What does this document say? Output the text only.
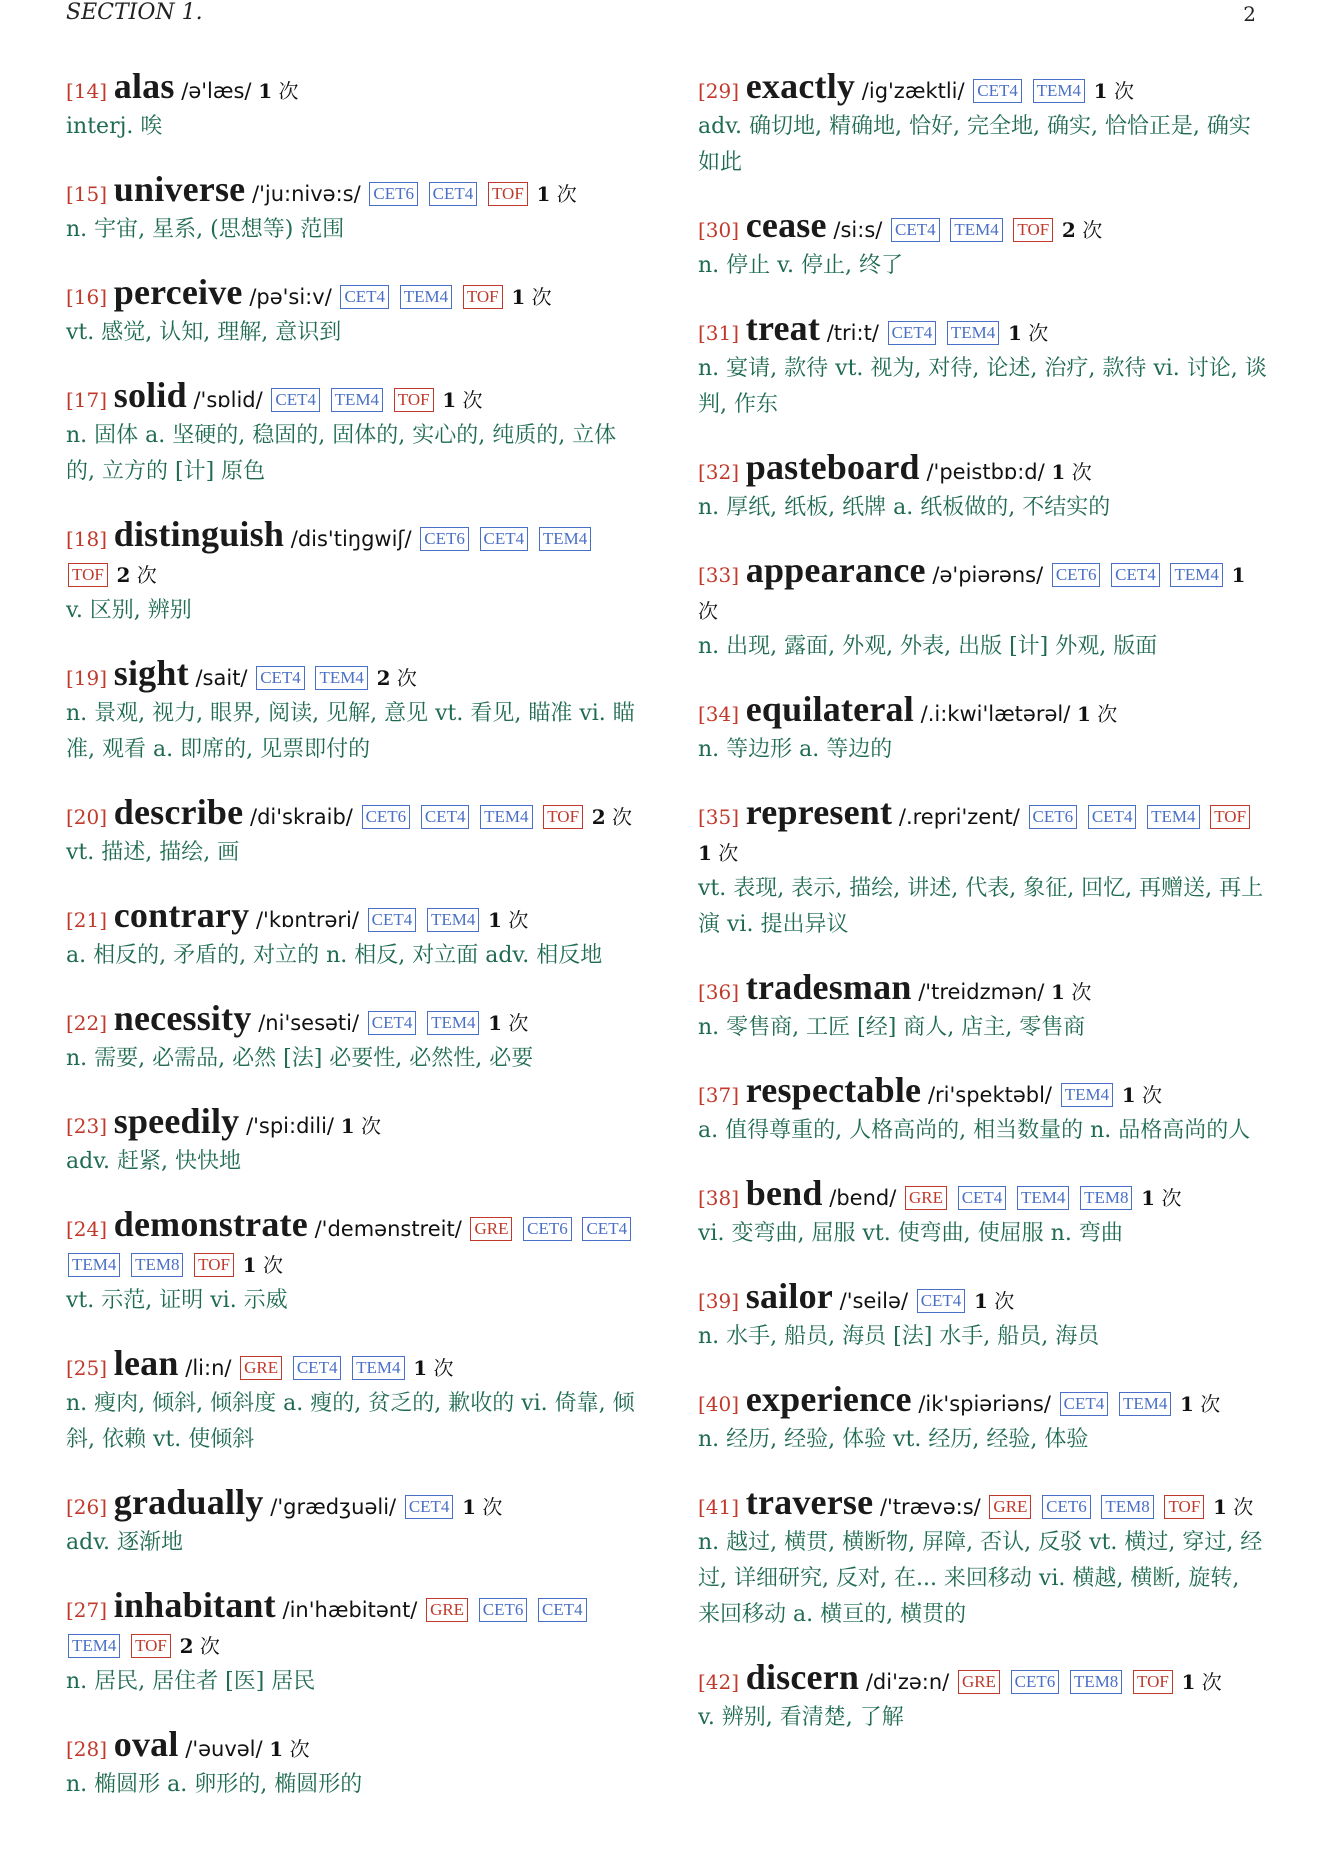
SECTION 1.	2
[14] alas /ə'læs/ 1 次
interj. 唉
[15] universe /'ju:nivə:s/ CET6 CET4 TOF 1 次
n. 宇宙, 星系, (思想等) 范围
[16] perceive /pə'si:v/ CET4 TEM4 TOF 1 次
vt. 感觉, 认知, 理解, 意识到
[17] solid /'sɒlid/ CET4 TEM4 TOF 1 次
n. 固体 a. 坚硬的, 稳固的, 固体的, 实心的, 纯质的, 立体的, 立方的 [计] 原色
[18] distinguish /dis'tiŋgwiʃ/ CET6 CET4 TEM4 TOF 2 次
v. 区别, 辨别
[19] sight /sait/ CET4 TEM4 2 次
n. 景观, 视力, 眼界, 阅读, 见解, 意见 vt. 看见, 瞄准 vi. 瞄准, 观看 a. 即席的, 见票即付的
[20] describe /di'skraib/ CET6 CET4 TEM4 TOF 2 次
vt. 描述, 描绘, 画
[21] contrary /'kɒntrəri/ CET4 TEM4 1 次
a. 相反的, 矛盾的, 对立的 n. 相反, 对立面 adv. 相反地
[22] necessity /ni'sesəti/ CET4 TEM4 1 次
n. 需要, 必需品, 必然 [法] 必要性, 必然性, 必要
[23] speedily /'spi:dili/ 1 次
adv. 赶紧, 快快地
[24] demonstrate /'demənstreit/ GRE CET6 CET4 TEM4 TEM8 TOF 1 次
vt. 示范, 证明 vi. 示威
[25] lean /li:n/ GRE CET4 TEM4 1 次
n. 瘦肉, 倾斜, 倾斜度 a. 瘦的, 贫乏的, 歉收的 vi. 倚靠, 倾斜, 依赖 vt. 使倾斜
[26] gradually /'grædʒuəli/ CET4 1 次
adv. 逐渐地
[27] inhabitant /in'hæbitənt/ GRE CET6 CET4 TEM4 TOF 2 次
n. 居民, 居住者 [医] 居民
[28] oval /'əuvəl/ 1 次
n. 椭圆形 a. 卵形的, 椭圆形的
[29] exactly /ig'zæktli/ CET4 TEM4 1 次
adv. 确切地, 精确地, 恰好, 完全地, 确实, 恰恰正是, 确实如此
[30] cease /si:s/ CET4 TEM4 TOF 2 次
n. 停止 v. 停止, 终了
[31] treat /tri:t/ CET4 TEM4 1 次
n. 宴请, 款待 vt. 视为, 对待, 论述, 治疗, 款待 vi. 讨论, 谈判, 作东
[32] pasteboard /'peistbɒ:d/ 1 次
n. 厚纸, 纸板, 纸牌 a. 纸板做的, 不结实的
[33] appearance /ə'piərəns/ CET6 CET4 TEM4 1 次
n. 出现, 露面, 外观, 外表, 出版 [计] 外观, 版面
[34] equilateral /.i:kwi'lætərəl/ 1 次
n. 等边形 a. 等边的
[35] represent /.repri'zent/ CET6 CET4 TEM4 TOF 1 次
vt. 表现, 表示, 描绘, 讲述, 代表, 象征, 回忆, 再赠送, 再上演 vi. 提出异议
[36] tradesman /'treidzmən/ 1 次
n. 零售商, 工匠 [经] 商人, 店主, 零售商
[37] respectable /ri'spektəbl/ TEM4 1 次
a. 值得尊重的, 人格高尚的, 相当数量的 n. 品格高尚的人
[38] bend /bend/ GRE CET4 TEM4 TEM8 1 次
vi. 变弯曲, 屈服 vt. 使弯曲, 使屈服 n. 弯曲
[39] sailor /'seilə/ CET4 1 次
n. 水手, 船员, 海员 [法] 水手, 船员, 海员
[40] experience /ik'spiəriəns/ CET4 TEM4 1 次
n. 经历, 经验, 体验 vt. 经历, 经验, 体验
[41] traverse /'trævə:s/ GRE CET6 TEM8 TOF 1 次
n. 越过, 横贯, 横断物, 屏障, 否认, 反驳 vt. 横过, 穿过, 经过, 详细研究, 反对, 在... 来回移动 vi. 横越, 横断, 旋转, 来回移动 a. 横亘的, 横贯的
[42] discern /di'zə:n/ GRE CET6 TEM8 TOF 1 次
v. 辨别, 看清楚, 了解
